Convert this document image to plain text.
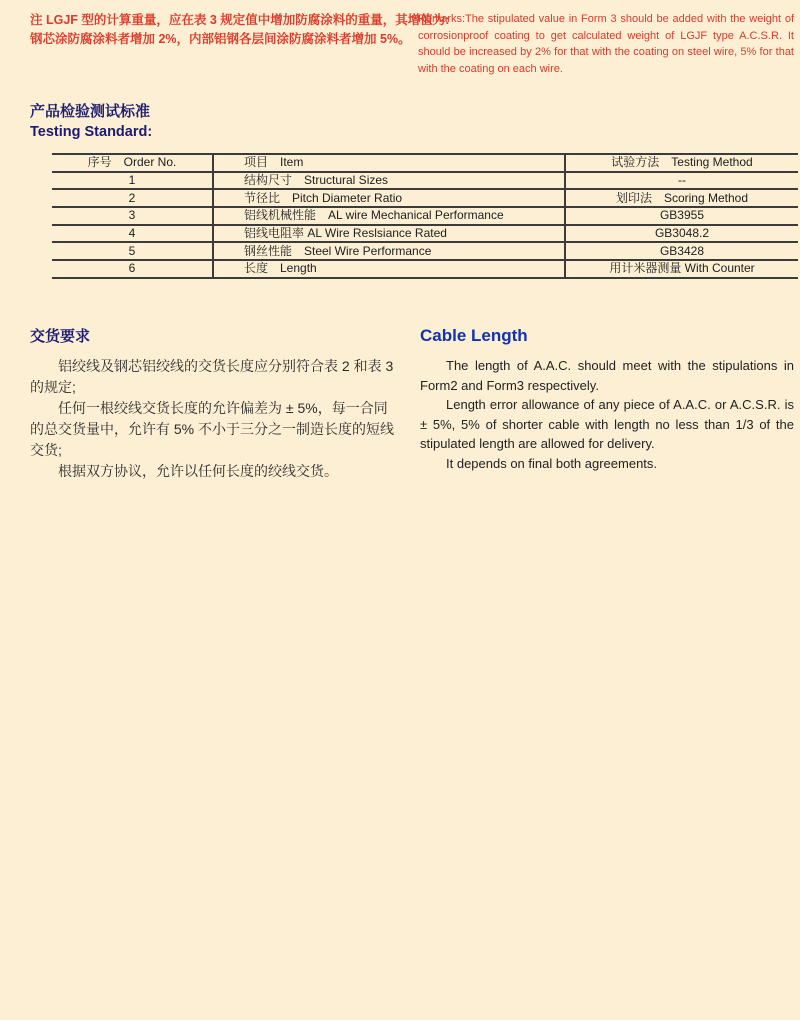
注 LGJF 型的计算重量，应在表 3 规定值中增加防腐涂料的重量，其增值为:
钢芯涂防腐涂料者增加 2%，内部铝钢各层间涂防腐涂料者增加 5%。
Remarks:The stipulated value in Form 3 should be added with the weight of corrosionproof coating to get calculated weight of LGJF type A.C.S.R. It should be increased by 2% for that with the coating on steel wire, 5% for that with the coating on each wire.
产品检验测试标准
Testing Standard:
序号　Order No.	项目　Item	试验方法　Testing Method
1	结构尺寸　Structural Sizes	--
2	节径比　Pitch Diameter Ratio	划印法　Scoring Method
3	铝线机械性能　AL wire Mechanical Performance	GB3955
4	铝线电阻率 AL Wire Reslsiance Rated	GB3048.2
5	钢丝性能　Steel Wire Performance	GB3428
6	长度　Length	用计米器测量 With Counter
交货要求

铝绞线及钢芯铝绞线的交货长度应分别符合表 2 和表 3 的规定;

任何一根绞线交货长度的允许偏差为 ± 5%，每一合同的总交货量中，允许有 5% 不小于三分之一制造长度的短线交货;

根据双方协议，允许以任何长度的绞线交货。

Cable Length

The length of A.A.C. should meet with the stipulations in Form2 and Form3 respectively.

Length error allowance of any piece of A.A.C. or A.C.S.R. is ± 5%, 5% of shorter cable with length no less than 1/3 of the stipulated length are allowed for delivery.

It depends on final both agreements.
